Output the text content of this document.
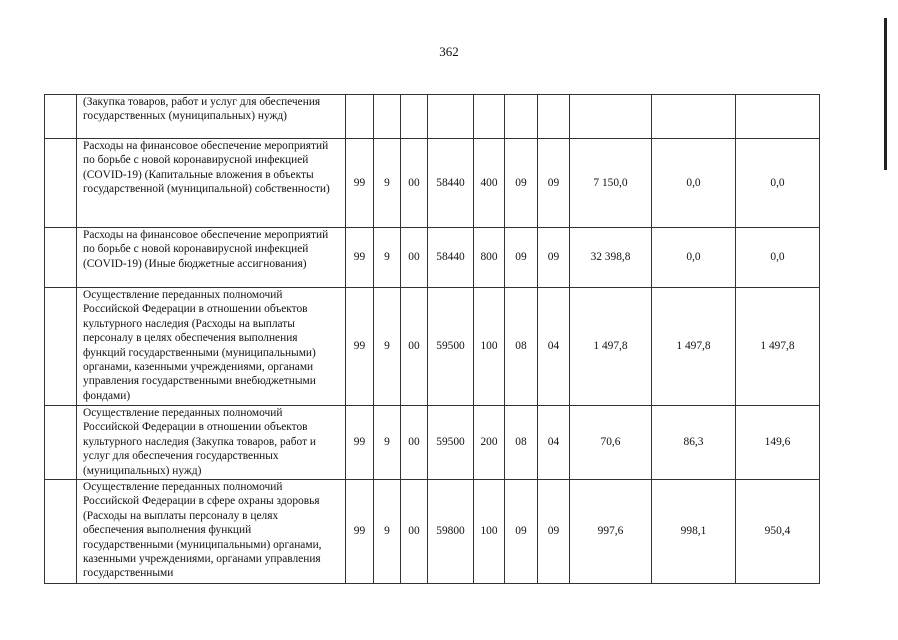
362
	(Закупка товаров, работ и услуг для обеспечения государственных (муниципальных) нужд)										
	Расходы на финансовое обеспечение мероприятий по борьбе с новой коронавирусной инфекцией (COVID-19) (Капитальные вложения в объекты государственной (муниципальной) собственности)	99	9	00	58440	400	09	09	7 150,0	0,0	0,0
	Расходы на финансовое обеспечение мероприятий по борьбе с новой коронавирусной инфекцией (COVID-19) (Иные бюджетные ассигнования)	99	9	00	58440	800	09	09	32 398,8	0,0	0,0
	Осуществление переданных полномочий Российской Федерации в отношении объектов культурного наследия (Расходы на выплаты персоналу в целях обеспечения выполнения функций государственными (муниципальными) органами, казенными учреждениями, органами управления государственными внебюджетными фондами)	99	9	00	59500	100	08	04	1 497,8	1 497,8	1 497,8
	Осуществление переданных полномочий Российской Федерации в отношении объектов культурного наследия (Закупка товаров, работ и услуг для обеспечения государственных (муниципальных) нужд)	99	9	00	59500	200	08	04	70,6	86,3	149,6
	Осуществление переданных полномочий Российской Федерации в сфере охраны здоровья (Расходы на выплаты персоналу в целях обеспечения выполнения функций государственными (муниципальными) органами, казенными учреждениями, органами управления государственными	99	9	00	59800	100	09	09	997,6	998,1	950,4
